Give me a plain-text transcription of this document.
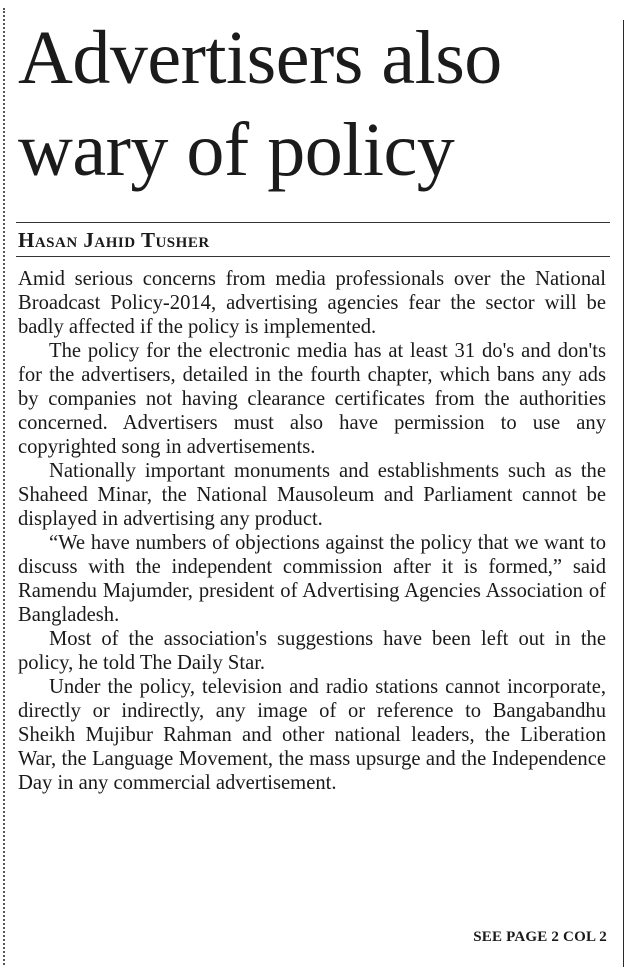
Advertisers also
wary of policy
Hasan Jahid Tusher

Amid serious concerns from media professionals over the National Broadcast Policy-2014, advertising agencies fear the sector will be badly affected if the policy is implemented.

The policy for the electronic media has at least 31 do's and don'ts for the advertisers, detailed in the fourth chapter, which bans any ads by companies not having clearance certificates from the authorities concerned. Advertisers must also have permission to use any copyrighted song in advertisements.

Nationally important monuments and establishments such as the Shaheed Minar, the National Mausoleum and Parliament cannot be displayed in advertising any product.

“We have numbers of objections against the policy that we want to discuss with the independent commission after it is formed,” said Ramendu Majumder, president of Advertising Agencies Association of Bangladesh.

Most of the association's suggestions have been left out in the policy, he told The Daily Star.

Under the policy, television and radio stations cannot incorporate, directly or indirectly, any image of or reference to Bangabandhu Sheikh Mujibur Rahman and other national leaders, the Liberation War, the Language Movement, the mass upsurge and the Independence Day in any commercial advertisement.

SEE PAGE 2 COL 2
